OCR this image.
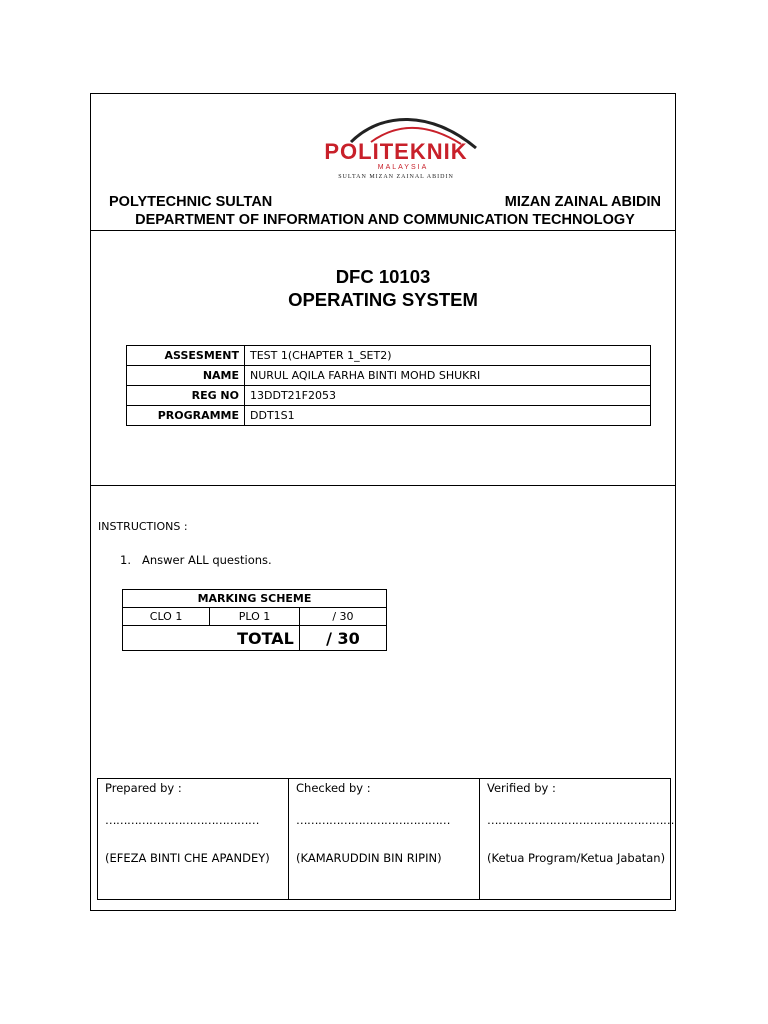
POLITEKNIK
MALAYSIA
SULTAN MIZAN ZAINAL ABIDIN
POLYTECHNIC SULTAN	MIZAN ZAINAL ABIDIN
DEPARTMENT OF INFORMATION AND COMMUNICATION TECHNOLOGY
DFC 10103
OPERATING SYSTEM
ASSESMENT	TEST 1(CHAPTER 1_SET2)
NAME	NURUL AQILA FARHA BINTI MOHD SHUKRI
REG NO	13DDT21F2053
PROGRAMME	DDT1S1
INSTRUCTIONS :
1. Answer ALL questions.
MARKING SCHEME		
CLO 1	PLO 1	/ 30
TOTAL		/ 30
Prepared by :
……………………………………
(EFEZA BINTI CHE APANDEY)

Checked by :
……………………………………
(KAMARUDDIN BIN RIPIN)

Verified by :
……………………………………………
(Ketua Program/Ketua Jabatan)
